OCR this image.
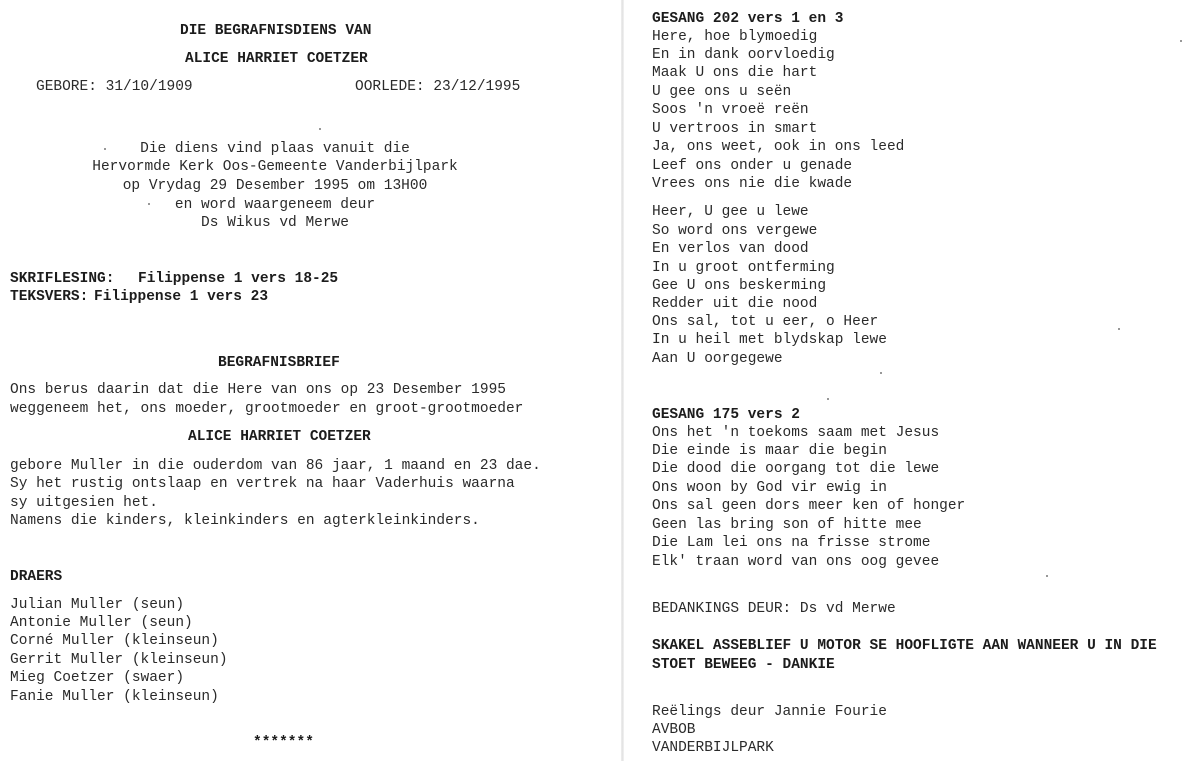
DIE BEGRAFNISDIENS VAN
ALICE HARRIET COETZER
GEBORE: 31/10/1909	OORLEDE: 23/12/1995
Die diens vind plaas vanuit die
Hervormde Kerk Oos-Gemeente Vanderbijlpark
op Vrydag 29 Desember 1995 om 13H00
en word waargeneem deur
Ds Wikus vd Merwe
SKRIFLESING: Filippense 1 vers 18-25
TEKSVERS: Filippense 1 vers 23
BEGRAFNISBRIEF
Ons berus daarin dat die Here van ons op 23 Desember 1995
weggeneem het, ons moeder, grootmoeder en groot-grootmoeder
ALICE HARRIET COETZER
gebore Muller in die ouderdom van 86 jaar, 1 maand en 23 dae.
Sy het rustig ontslaap en vertrek na haar Vaderhuis waarna
sy uitgesien het.
Namens die kinders, kleinkinders en agterkleinkinders.
DRAERS
Julian Muller (seun)
Antonie Muller (seun)
Corné Muller (kleinseun)
Gerrit Muller (kleinseun)
Mieg Coetzer (swaer)
Fanie Muller (kleinseun)
*******
GESANG 202 vers 1 en 3
Here, hoe blymoedig
En in dank oorvloedig
Maak U ons die hart
U gee ons u seën
Soos 'n vroeë reën
U vertroos in smart
Ja, ons weet, ook in ons leed
Leef ons onder u genade
Vrees ons nie die kwade
Heer, U gee u lewe
So word ons vergewe
En verlos van dood
In u groot ontferming
Gee U ons beskerming
Redder uit die nood
Ons sal, tot u eer, o Heer
In u heil met blydskap lewe
Aan U oorgegewe
GESANG 175 vers 2
Ons het 'n toekoms saam met Jesus
Die einde is maar die begin
Die dood die oorgang tot die lewe
Ons woon by God vir ewig in
Ons sal geen dors meer ken of honger
Geen las bring son of hitte mee
Die Lam lei ons na frisse strome
Elk' traan word van ons oog gevee
BEDANKINGS DEUR: Ds vd Merwe
SKAKEL ASSEBLIEF U MOTOR SE HOOFLIGTE AAN WANNEER U IN DIE
STOET BEWEEG - DANKIE
Reëlings deur Jannie Fourie
AVBOB
VANDERBIJLPARK
